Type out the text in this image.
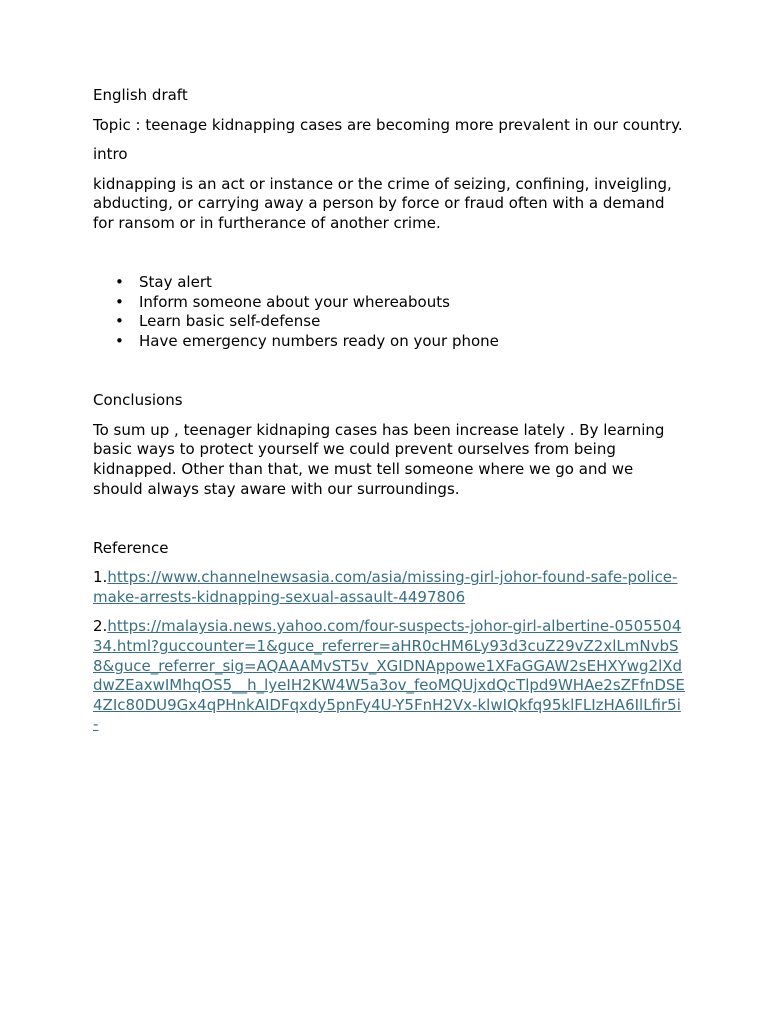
English draft

Topic : teenage kidnapping cases are becoming more prevalent in our country.

intro

kidnapping is an act or instance or the crime of seizing, confining, inveigling, abducting, or carrying away a person by force or fraud often with a demand for ransom or in furtherance of another crime.

• Stay alert
• Inform someone about your whereabouts
• Learn basic self-defense
• Have emergency numbers ready on your phone

Conclusions

To sum up , teenager kidnaping cases has been increase lately . By learning basic ways to protect yourself we could prevent ourselves from being kidnapped. Other than that, we must tell someone where we go and we should always stay aware with our surroundings.

Reference

1.https://www.channelnewsasia.com/asia/missing-girl-johor-found-safe-police-make-arrests-kidnapping-sexual-assault-4497806

2.https://malaysia.news.yahoo.com/four-suspects-johor-girl-albertine-050550434.html?guccounter=1&guce_referrer=aHR0cHM6Ly93d3cuZ29vZ2xlLmNvbS8&guce_referrer_sig=AQAAAMvST5v_XGIDNAppowe1XFaGGAW2sEHXYwg2lXddwZEaxwIMhqOS5__h_lyeIH2KW4W5a3ov_feoMQUjxdQcTlpd9WHAe2sZFfnDSE4ZIc80DU9Gx4qPHnkAIDFqxdy5pnFy4U-Y5FnH2Vx-klwIQkfq95klFLIzHA6IlLfir5i-
